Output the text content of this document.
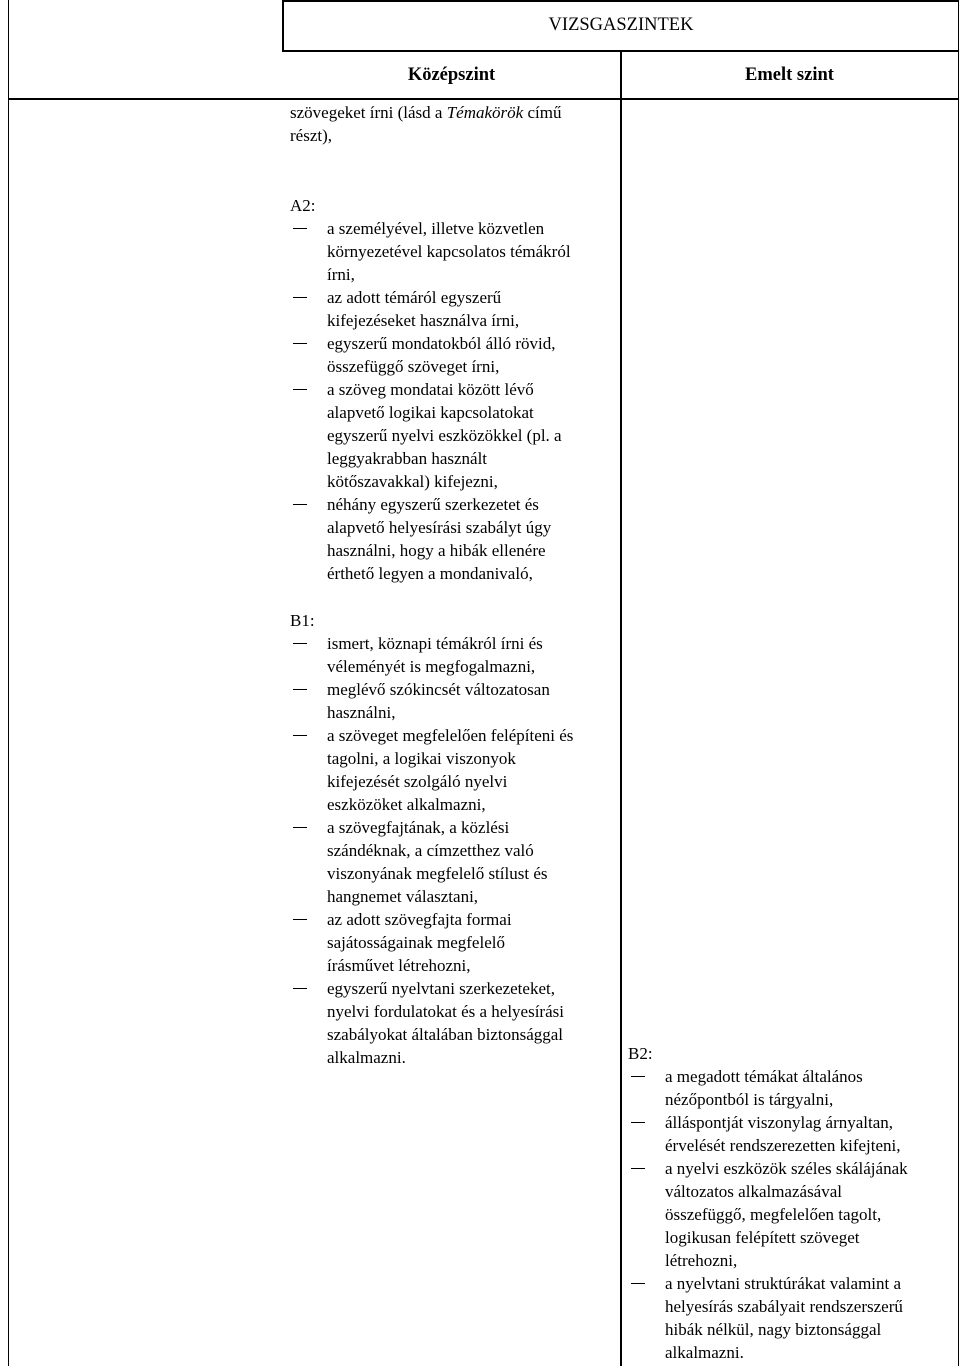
VIZSGASZINTEK
Középszint	Emelt szint

szövegeket írni (lásd a Témakörök című

részt),

A2:

a személyével, illetve közvetlen
környezetével kapcsolatos témákról
írni,
az adott témáról egyszerű
kifejezéseket használva írni,
egyszerű mondatokból álló rövid,
összefüggő szöveget írni,
a szöveg mondatai között lévő
alapvető logikai kapcsolatokat
egyszerű nyelvi eszközökkel (pl. a
leggyakrabban használt
kötőszavakkal) kifejezni,
néhány egyszerű szerkezetet és
alapvető helyesírási szabályt úgy
használni, hogy a hibák ellenére
érthető legyen a mondanivaló,

B1:

ismert, köznapi témákról írni és
véleményét is megfogalmazni,
meglévő szókincsét változatosan
használni,
a szöveget megfelelően felépíteni és
tagolni, a logikai viszonyok
kifejezését szolgáló nyelvi
eszközöket alkalmazni,
a szövegfajtának, a közlési
szándéknak, a címzetthez való
viszonyának megfelelő stílust és
hangnemet választani,
az adott szövegfajta formai
sajátosságainak megfelelő
írásművet létrehozni,
egyszerű nyelvtani szerkezeteket,
nyelvi fordulatokat és a helyesírási
szabályokat általában biztonsággal
alkalmazni.	B2:

a megadott témákat általános
nézőpontból is tárgyalni,
álláspontját viszonylag árnyaltan,
érvelését rendszerezetten kifejteni,
a nyelvi eszközök széles skálájának
változatos alkalmazásával
összefüggő, megfelelően tagolt,
logikusan felépített szöveget
létrehozni,
a nyelvtani struktúrákat valamint a
helyesírás szabályait rendszerszerű
hibák nélkül, nagy biztonsággal
alkalmazni.
